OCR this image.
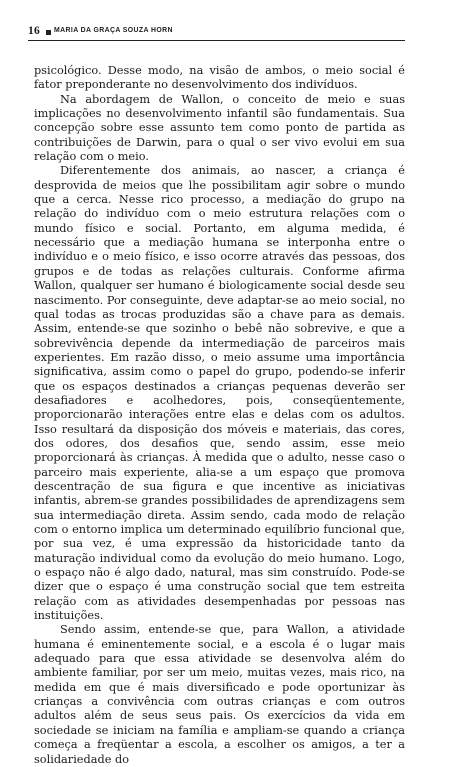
16 MARIA DA GRAÇA SOUZA HORN

psicológico. Desse modo, na visão de ambos, o meio social é fator preponderante no desenvolvimento dos indivíduos.

Na abordagem de Wallon, o conceito de meio e suas implicações no desenvolvimento infantil são fundamentais. Sua concepção sobre esse assunto tem como ponto de partida as contribuições de Darwin, para o qual o ser vivo evolui em sua relação com o meio.

Diferentemente dos animais, ao nascer, a criança é desprovida de meios que lhe possibilitam agir sobre o mundo que a cerca. Nesse rico processo, a mediação do grupo na relação do indivíduo com o meio estrutura relações com o mundo físico e social. Portanto, em alguma medida, é necessário que a mediação humana se interponha entre o indivíduo e o meio físico, e isso ocorre através das pessoas, dos grupos e de todas as relações culturais. Conforme afirma Wallon, qualquer ser humano é biologicamente social desde seu nascimento. Por conseguinte, deve adaptar-se ao meio social, no qual todas as trocas produzidas são a chave para as demais. Assim, entende-se que sozinho o bebê não sobrevive, e que a sobrevivência depende da intermediação de parceiros mais experientes. Em razão disso, o meio assume uma importância significativa, assim como o papel do grupo, podendo-se inferir que os espaços destinados a crianças pequenas deverão ser desafiadores e acolhedores, pois, conseqüentemente, proporcionarão interações entre elas e delas com os adultos. Isso resultará da disposição dos móveis e materiais, das cores, dos odores, dos desafios que, sendo assim, esse meio proporcionará às crianças. À medida que o adulto, nesse caso o parceiro mais experiente, alia-se a um espaço que promova descentração de sua figura e que incentive as iniciativas infantis, abrem-se grandes possibilidades de aprendizagens sem sua intermediação direta. Assim sendo, cada modo de relação com o entorno implica um determinado equilíbrio funcional que, por sua vez, é uma expressão da historicidade tanto da maturação individual como da evolução do meio humano. Logo, o espaço não é algo dado, natural, mas sim construído. Pode-se dizer que o espaço é uma construção social que tem estreita relação com as atividades desempenhadas por pessoas nas instituições.

Sendo assim, entende-se que, para Wallon, a atividade humana é eminentemente social, e a escola é o lugar mais adequado para que essa atividade se desenvolva além do ambiente familiar, por ser um meio, muitas vezes, mais rico, na medida em que é mais diversificado e pode oportunizar às crianças a convivência com outras crianças e com outros adultos além de seus seus pais. Os exercícios da vida em sociedade se iniciam na família e ampliam-se quando a criança começa a freqüentar a escola, a escolher os amigos, a ter a solidariedade do
